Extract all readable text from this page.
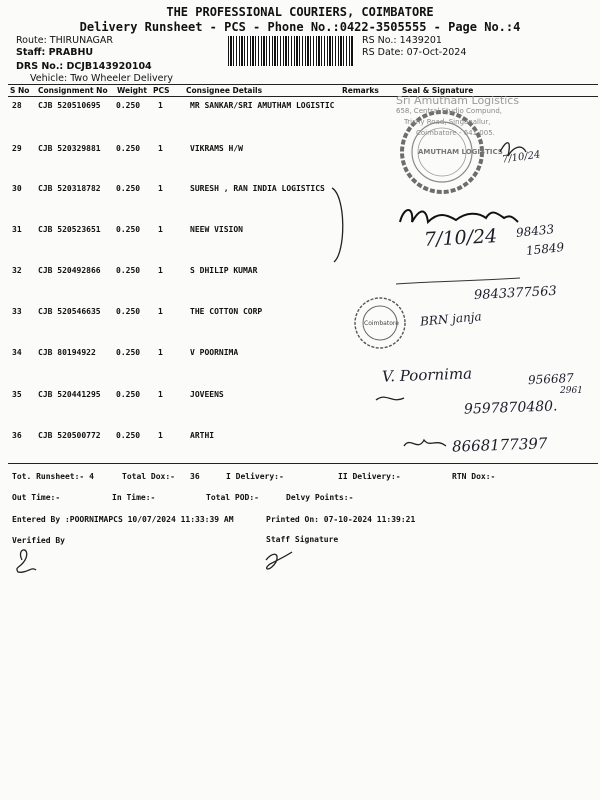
THE PROFESSIONAL COURIERS, COIMBATORE
Delivery Runsheet - PCS - Phone No.:0422-3505555 - Page No.:4
Route: THIRUNAGAR
Staff: PRABHU
DRS No.: DCJB143920104
Vehicle: Two Wheeler Delivery
RS No.: 1439201
RS Date: 07-Oct-2024
S No Consignment No Weight PCS Consignee Details	Remarks	Seal & Signature
28 CJB 520510695 0.250 1	MR SANKAR/SRI AMUTHAM LOGISTIC
29 CJB 520329881 0.250 1	VIKRAMS H/W
30 CJB 520318782 0.250 1	SURESH , RAN INDIA LOGISTICS
31 CJB 520523651 0.250 1	NEEW VISION
32 CJB 520492866 0.250 1	S DHILIP KUMAR
33 CJB 520546635 0.250 1	THE COTTON CORP
34 CJB 80194922	0.250 1	V POORNIMA
35 CJB 520441295 0.250 1	JOVEENS
36 CJB 520500772 0.250 1	ARTHI
Tot. Runsheet:- 4	Total Dox:- 36	I Delivery:-	II Delivery:-	RTN Dox:-
Out Time:-	In Time:-	Total POD:-	Delvy Points:-
Entered By :POORNIMAPCS 10/07/2024 11:33:39 AM	Printed On: 07-10-2024 11:39:21
Verified By	Staff Signature
Sri Amutham Logistics
658, Central Studio Compund,
Trichy Road, Singanallur,
Coimbatore - 641 005.
AMUTHAM LOGISTICS
Coimbatore
7/10/24
7/10/24 98433
15849
9843377563
BRN janja
V. Poornima	956687
2961
9597870480.
8668177397
